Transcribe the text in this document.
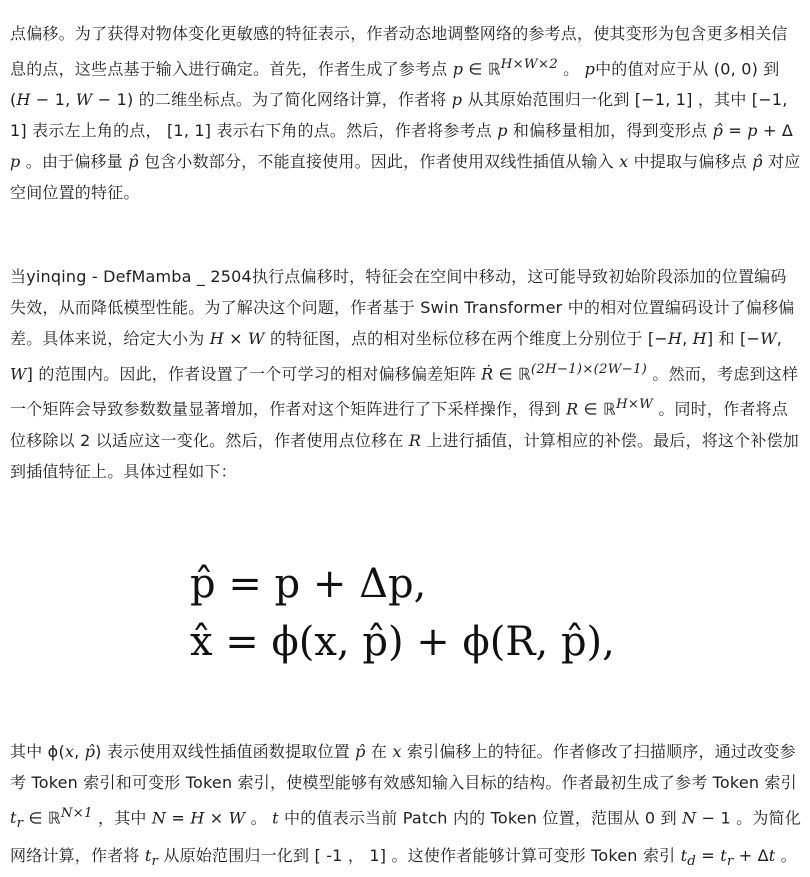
点偏移。为了获得对物体变化更敏感的特征表示，作者动态地调整网络的参考点，使其变形为包含更多相关信息的点，这些点基于输入进行确定。首先，作者生成了参考点 p ∈ ℝ$^{H\times W\times 2}$ 。 p中的值对应于从 (0, 0) 到 (H − 1, W − 1) 的二维坐标点。为了简化网络计算，作者将 p 从其原始范围归一化到 [−1, 1] ，其中 [−1, 1] 表示左上角的点， [1, 1] 表示右下角的点。然后，作者将参考点 p 和偏移量相加，得到变形点 p̂ = p + Δp 。由于偏移量 p̂ 包含小数部分，不能直接使用。因此，作者使用双线性插值从输入 x 中提取与偏移点 p̂ 对应空间位置的特征。

当yinqing - DefMamba _ 2504执行点偏移时，特征会在空间中移动，这可能导致初始阶段添加的位置编码失效，从而降低模型性能。为了解决这个问题，作者基于 Swin Transformer 中的相对位置编码设计了偏移偏差。具体来说，给定大小为 H × W 的特征图，点的相对坐标位移在两个维度上分别位于 [−H, H] 和 [−W, W] 的范围内。因此，作者设置了一个可学习的相对偏移偏差矩阵 Ṙ ∈ ℝ$^{(2H-1)\times(2W-1)}$ 。然而，考虑到这样一个矩阵会导致参数数量显著增加，作者对这个矩阵进行了下采样操作，得到 R ∈ ℝ$^{H\times W}$ 。同时，作者将点位移除以 2 以适应这一变化。然后，作者使用点位移在 R 上进行插值，计算相应的补偿。最后，将这个补偿加到插值特征上。具体过程如下：

p̂ = p + Δp,
x̂ = ϕ(x, p̂) + ϕ(R, p̂),

其中 ϕ(x, p̂) 表示使用双线性插值函数提取位置 p̂ 在 x 索引偏移上的特征。作者修改了扫描顺序，通过改变参考 Token 索引和可变形 Token 索引，使模型能够有效感知输入目标的结构。作者最初生成了参考 Token 索引 $t_r$ ∈ ℝ$^{N\times 1}$ ，其中 N = H × W 。 t 中的值表示当前 Patch 内的 Token 位置，范围从 0 到 N − 1 。为简化网络计算，作者将 $t_r$ 从原始范围归一化到 [ -1 ， 1] 。这使作者能够计算可变形 Token 索引 $t_d = t_r + \Delta t$ 。
